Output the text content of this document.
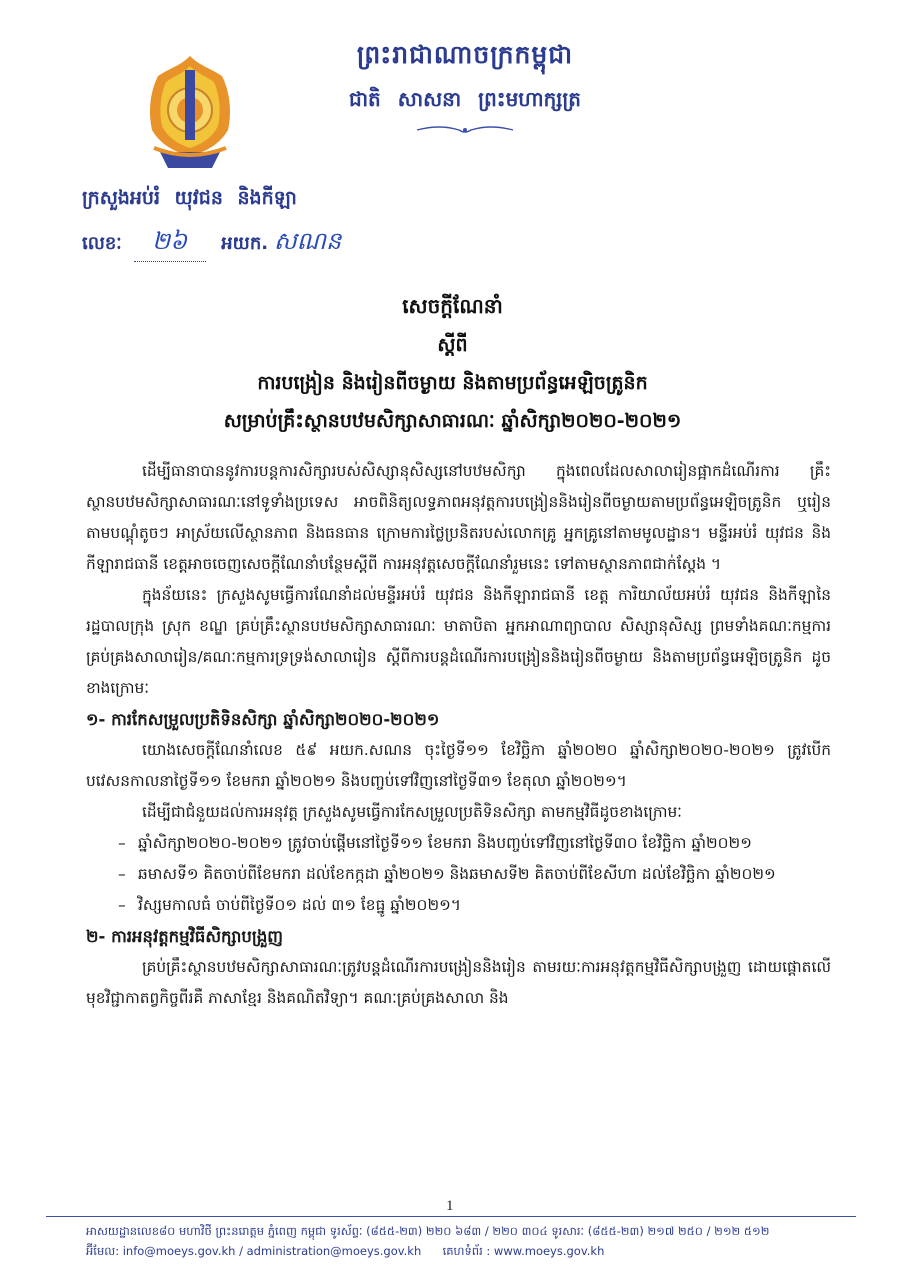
ព្រះរាជាណាចក្រកម្ពុជា
ជាតិ សាសនា ព្រះមហាក្សត្រ
ក្រសួងអប់រំ យុវជន និងកីឡា
លេខៈ ២៦ អយក. សណន
សេចក្តីណែនាំ
ស្តីពី
ការបង្រៀន និងរៀនពីចម្ងាយ និងតាមប្រព័ន្ធអេឡិចត្រូនិក
សម្រាប់គ្រឹះស្ថានបឋមសិក្សាសាធារណៈ ឆ្នាំសិក្សា២០២០-២០២១

ដើម្បីធានាបាននូវការបន្តការសិក្សារបស់សិស្សានុសិស្សនៅបឋមសិក្សា ក្នុងពេលដែលសាលារៀនផ្អាកដំណើរការ គ្រឹះស្ថានបឋមសិក្សាសាធារណៈនៅទូទាំងប្រទេស អាចពិនិត្យលទ្ធភាពអនុវត្តការបង្រៀននិងរៀនពីចម្ងាយតាមប្រព័ន្ធអេឡិចត្រូនិក ឬរៀនតាមបណ្តុំតូចៗ អាស្រ័យលើស្ថានភាព និងធនធាន ក្រោមការថ្លៃប្រនិតរបស់លោកគ្រូ អ្នកគ្រូនៅតាមមូលដ្ឋាន។ មន្ទីរអប់រំ យុវជន និងកីឡារាជធានី ខេត្តអាចចេញសេចក្តីណែនាំបន្ថែមស្តីពី ការអនុវត្តសេចក្តីណែនាំរួមនេះ ទៅតាមស្ថានភាពជាក់ស្តែង ។

ក្នុងន័យនេះ ក្រសួងសូមធ្វើការណែនាំដល់មន្ទីរអប់រំ យុវជន និងកីឡារាជធានី ខេត្ត ការិយាល័យអប់រំ យុវជន និងកីឡានៃរដ្ឋបាលក្រុង ស្រុក ខណ្ឌ គ្រប់គ្រឹះស្ថានបឋមសិក្សាសាធារណៈ មាតាបិតា អ្នកអាណាព្យាបាល សិស្សានុសិស្ស ព្រមទាំងគណៈកម្មការគ្រប់គ្រងសាលារៀន/គណៈកម្មការទ្រទ្រង់សាលារៀន ស្តីពីការបន្តដំណើរការបង្រៀននិងរៀនពីចម្ងាយ និងតាមប្រព័ន្ធអេឡិចត្រូនិក ដូចខាងក្រោមៈ

១- ការកែសម្រួលប្រតិទិនសិក្សា ឆ្នាំសិក្សា២០២០-២០២១

យោងសេចក្តីណែនាំលេខ ៥៩ អយក.សណន ចុះថ្ងៃទី១១ ខែវិច្ឆិកា ឆ្នាំ២០២០ ឆ្នាំសិក្សា២០២០-២០២១ ត្រូវបើកបវេសនកាលនាថ្ងៃទី១១ ខែមករា ឆ្នាំ២០២១ និងបញ្ចប់ទៅវិញនៅថ្ងៃទី៣១ ខែតុលា ឆ្នាំ២០២១។

ដើម្បីជាជំនួយដល់ការអនុវត្ត ក្រសួងសូមធ្វើការកែសម្រួលប្រតិទិនសិក្សា តាមកម្មវិធីដូចខាងក្រោមៈ

– ឆ្នាំសិក្សា២០២០-២០២១ ត្រូវចាប់ផ្តើមនៅថ្ងៃទី១១ ខែមករា និងបញ្ចប់ទៅវិញនៅថ្ងៃទី៣០ ខែវិច្ឆិកា ឆ្នាំ២០២១
– ឆមាសទី១ គិតចាប់ពីខែមករា ដល់ខែកក្កដា ឆ្នាំ២០២១ និងឆមាសទី២ គិតចាប់ពីខែសីហា ដល់ខែវិច្ឆិកា ឆ្នាំ២០២១
– វិស្សមកាលធំ ចាប់ពីថ្ងៃទី០១ ដល់ ៣១ ខែធ្នូ ឆ្នាំ២០២១។

២- ការអនុវត្តកម្មវិធីសិក្សាបង្រួញ

គ្រប់គ្រឹះស្ថានបឋមសិក្សាសាធារណៈត្រូវបន្តដំណើរការបង្រៀននិងរៀន តាមរយៈការអនុវត្តកម្មវិធីសិក្សាបង្រួញ ដោយផ្តោតលើមុខវិជ្ជាកាតព្វកិច្ចពីរគឺ ភាសាខ្មែរ និងគណិតវិទ្យា។ គណៈគ្រប់គ្រងសាលា និង

1
អាសយដ្ឋានលេខ៨០ មហាវិថី ព្រះនរោត្តម ភ្នំពេញ កម្ពុជា ទូរស័ព្ទៈ (៨៥៥-២៣) ២២០ ៦៨៣ / ២២០ ៣០៤ ទូរសារៈ (៨៥៥-២៣) ២១៧ ២៥០ / ២១២ ៥១២
អ៊ីមែល: info@moeys.gov.kh / administration@moeys.gov.kh គេហទំព័រ : www.moeys.gov.kh
